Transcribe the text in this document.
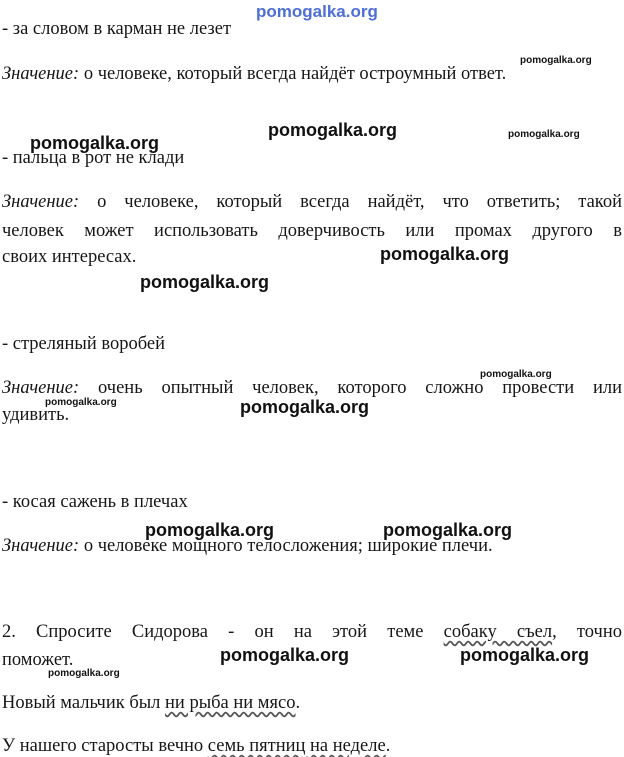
pomogalka.org
pomogalka.org
pomogalka.org
pomogalka.org	pomogalka.org
pomogalka.org
pomogalka.org
pomogalka.org
pomogalka.org	pomogalka.org
pomogalka.org	pomogalka.org
pomogalka.org	pomogalka.org
pomogalka.org
- за словом в карман не лезет
Значение: о человеке, который всегда найдёт остроумный ответ.
- пальца в рот не клади
Значение: о человеке, который всегда найдёт, что ответить; такой
человек может использовать доверчивость или промах другого в
своих интересах.
- стреляный воробей
Значение: очень опытный человек, которого сложно провести или
удивить.
- косая сажень в плечах
Значение: о человеке мощного телосложения; широкие плечи.
2. Спросите Сидорова - он на этой теме собаку съел, точно
поможет.
Новый мальчик был ни рыба ни мясо.
У нашего старосты вечно семь пятниц на неделе.
